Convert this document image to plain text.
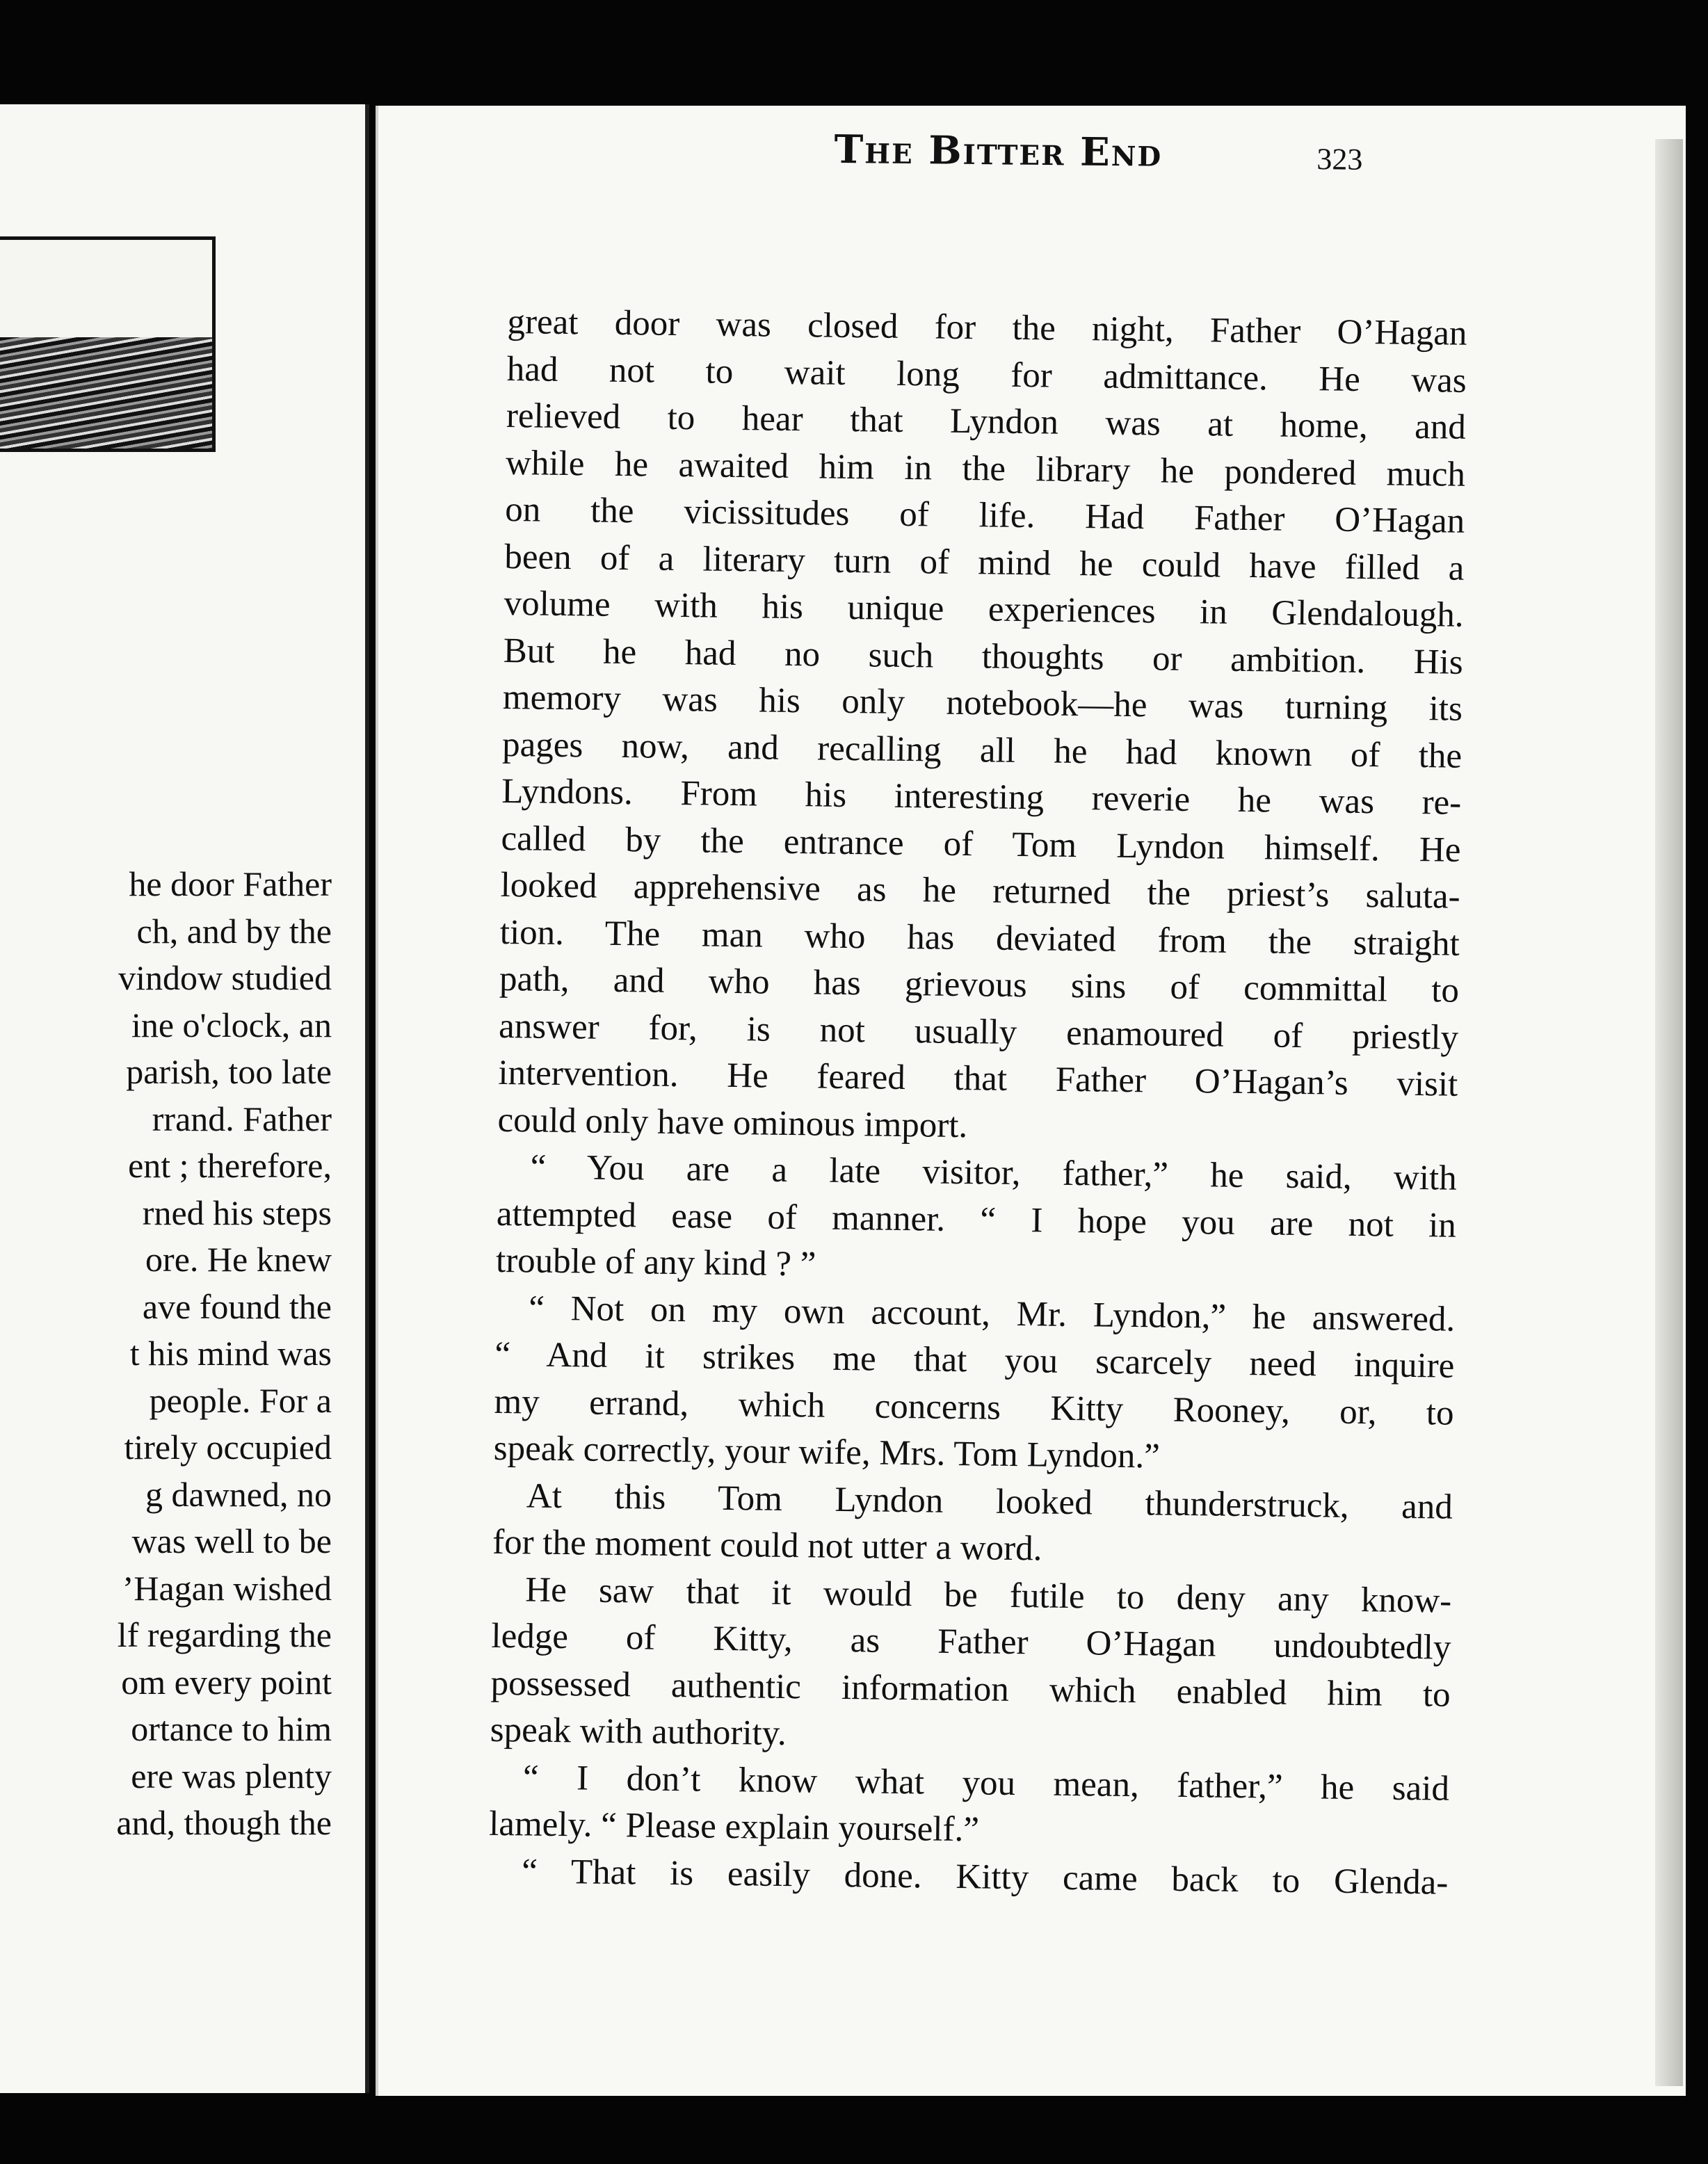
he door Father
ch, and by the
vindow studied
ine o'clock, an
parish, too late
rrand. Father
ent ; therefore,
rned his steps
ore. He knew
ave found the
t his mind was
people. For a
tirely occupied
g dawned, no
was well to be
’Hagan wished
lf regarding the
om every point
ortance to him
ere was plenty
and, though the
The Bitter End	323
great door was closed for the night, Father O’Hagan
had not to wait long for admittance. He was
relieved to hear that Lyndon was at home, and
while he awaited him in the library he pondered much
on the vicissitudes of life. Had Father O’Hagan
been of a literary turn of mind he could have filled a
volume with his unique experiences in Glendalough.
But he had no such thoughts or ambition. His
memory was his only notebook—he was turning its
pages now, and recalling all he had known of the
Lyndons. From his interesting reverie he was re-
called by the entrance of Tom Lyndon himself. He
looked apprehensive as he returned the priest’s saluta-
tion. The man who has deviated from the straight
path, and who has grievous sins of committal to
answer for, is not usually enamoured of priestly
intervention. He feared that Father O’Hagan’s visit
could only have ominous import.
“ You are a late visitor, father,” he said, with
attempted ease of manner. “ I hope you are not in
trouble of any kind ? ”
“ Not on my own account, Mr. Lyndon,” he answered.
“ And it strikes me that you scarcely need inquire
my errand, which concerns Kitty Rooney, or, to
speak correctly, your wife, Mrs. Tom Lyndon.”
At this Tom Lyndon looked thunderstruck, and
for the moment could not utter a word.
He saw that it would be futile to deny any know-
ledge of Kitty, as Father O’Hagan undoubtedly
possessed authentic information which enabled him to
speak with authority.
“ I don’t know what you mean, father,” he said
lamely. “ Please explain yourself.”
“ That is easily done. Kitty came back to Glenda-
